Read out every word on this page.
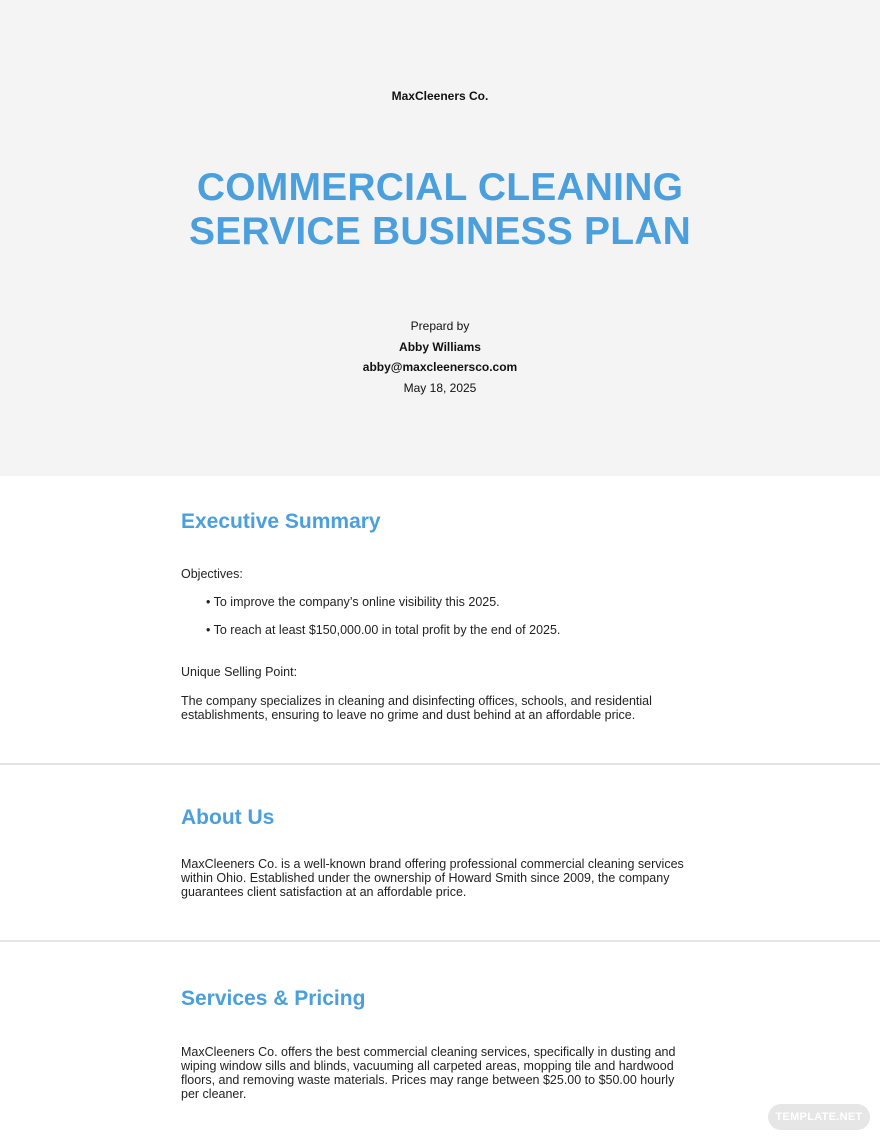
MaxCleeners Co.
COMMERCIAL CLEANING
SERVICE BUSINESS PLAN
Prepard by
Abby Williams
abby@maxcleenersco.com
May 18, 2025
Executive Summary
Objectives:
• To improve the company’s online visibility this 2025.
• To reach at least $150,000.00 in total profit by the end of 2025.
Unique Selling Point:
The company specializes in cleaning and disinfecting offices, schools, and residential establishments, ensuring to leave no grime and dust behind at an affordable price.
About Us
MaxCleeners Co. is a well-known brand offering professional commercial cleaning services within Ohio. Established under the ownership of Howard Smith since 2009, the company guarantees client satisfaction at an affordable price.
Services & Pricing
MaxCleeners Co. offers the best commercial cleaning services, specifically in dusting and wiping window sills and blinds, vacuuming all carpeted areas, mopping tile and hardwood floors, and removing waste materials. Prices may range between $25.00 to $50.00 hourly per cleaner.
TEMPLATE.NET
